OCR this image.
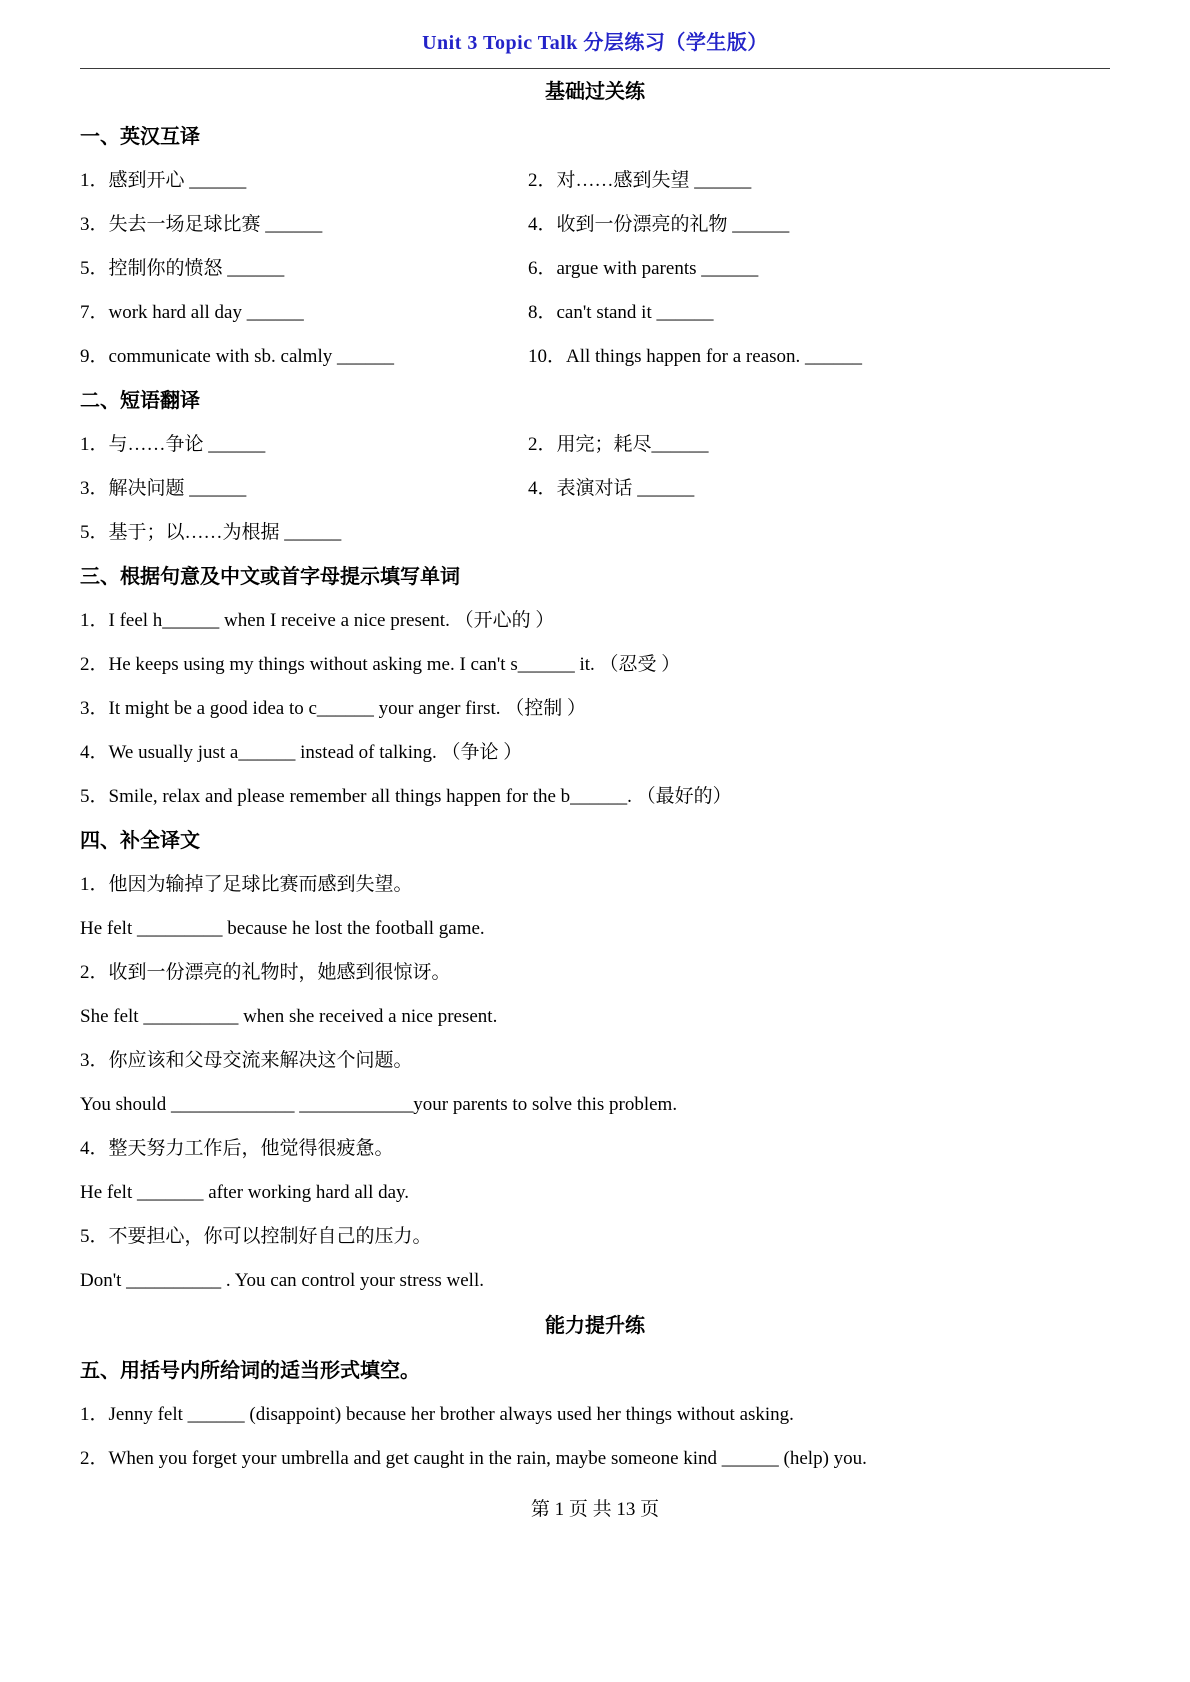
Unit 3 Topic Talk 分层练习（学生版）
基础过关练
一、英汉互译
1．感到开心 ______	2．对……感到失望 ______
3．失去一场足球比赛 ______	4．收到一份漂亮的礼物 ______
5．控制你的愤怒 ______	6．argue with parents ______
7．work hard all day ______	8．can't stand it ______
9．communicate with sb. calmly ______	10．All things happen for a reason. ______
二、短语翻译
1．与……争论 ______	2．用完；耗尽______
3．解决问题 ______	4．表演对话 ______
5．基于；以……为根据 ______
三、根据句意及中文或首字母提示填写单词
1．I feel h______ when I receive a nice present. （开心的 ）
2．He keeps using my things without asking me. I can't s______ it. （忍受 ）
3．It might be a good idea to c______ your anger first. （控制 ）
4．We usually just a______ instead of talking. （争论 ）
5．Smile, relax and please remember all things happen for the b______. （最好的）
四、补全译文
1．他因为输掉了足球比赛而感到失望。
He felt _________ because he lost the football game.
2．收到一份漂亮的礼物时，她感到很惊讶。
She felt __________ when she received a nice present.
3．你应该和父母交流来解决这个问题。
You should _____________ ____________your parents to solve this problem.
4．整天努力工作后，他觉得很疲惫。
He felt _______ after working hard all day.
5．不要担心，你可以控制好自己的压力。
Don't __________ . You can control your stress well.
能力提升练
五、用括号内所给词的适当形式填空。
1．Jenny felt ______ (disappoint) because her brother always used her things without asking.
2．When you forget your umbrella and get caught in the rain, maybe someone kind ______ (help) you.
第 1 页 共 13 页
